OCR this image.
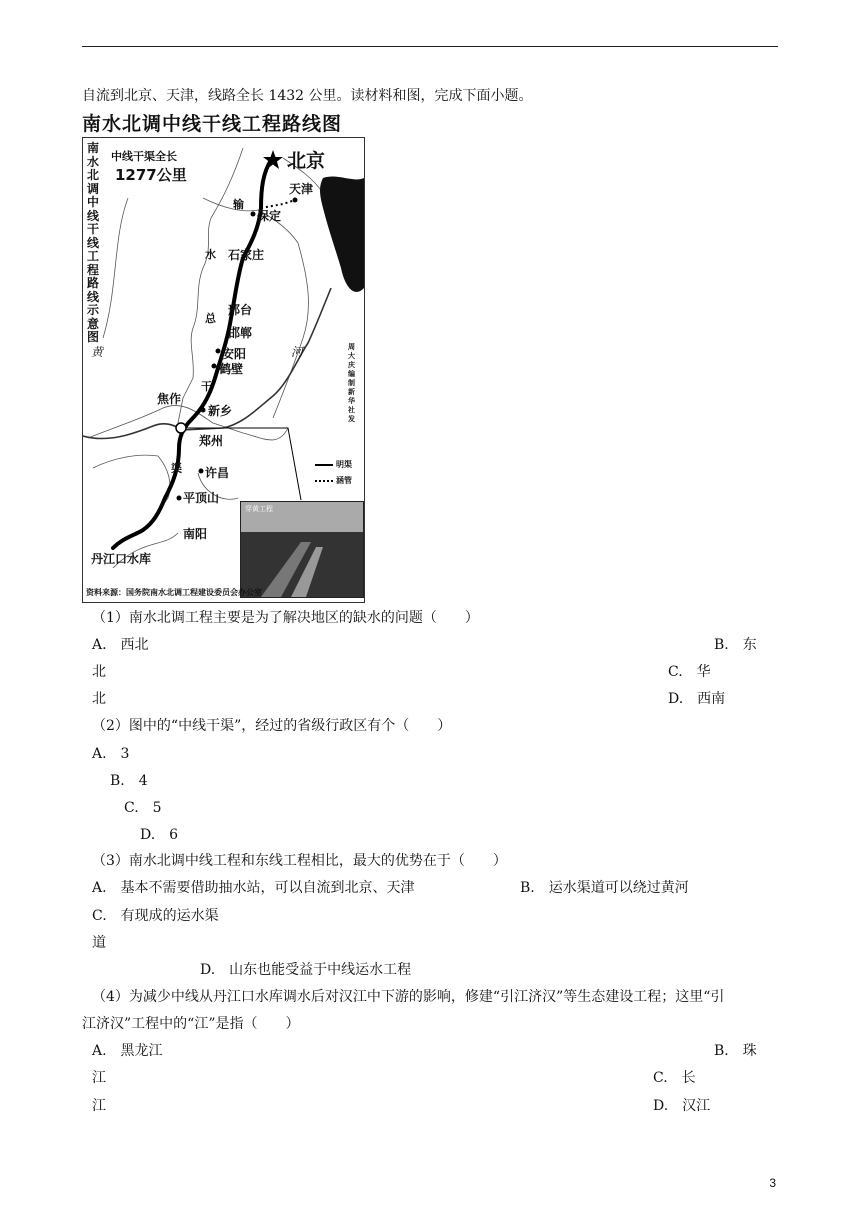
自流到北京、天津，线路全长 1432 公里。读材料和图，完成下面小题。
南水北调中线干线工程路线图
南水北调中线干线工程路线示意图
中线干渠全长
1277公里
北京
天津
保定
石家庄
邢台
邯郸
安阳
鹤壁
焦作
新乡
郑州
许昌
平顶山
南阳
丹江口水库
输
水
总
干
渠
黄	河	周大庆编制 新华社发
明渠
涵管
穿黄工程
资料来源：国务院南水北调工程建设委员会办公室
（1）南水北调工程主要是为了解决地区的缺水的问题（　　）
A.　西北	B.　东
北	C.　华
北	D.　西南
（2）图中的“中线干渠”，经过的省级行政区有个（　　）
A.　3
B.　4
C.　5
D.　6
（3）南水北调中线工程和东线工程相比，最大的优势在于（　　）
A.　基本不需要借助抽水站，可以自流到北京、天津	B.　运水渠道可以绕过黄河
C.　有现成的运水渠
道
D.　山东也能受益于中线运水工程
（4）为减少中线从丹江口水库调水后对汉江中下游的影响，修建“引江济汉”等生态建设工程；这里“引
江济汉”工程中的“江”是指（　　）
A.　黑龙江	B.　珠
江	C.　长
江	D.　汉江
3
